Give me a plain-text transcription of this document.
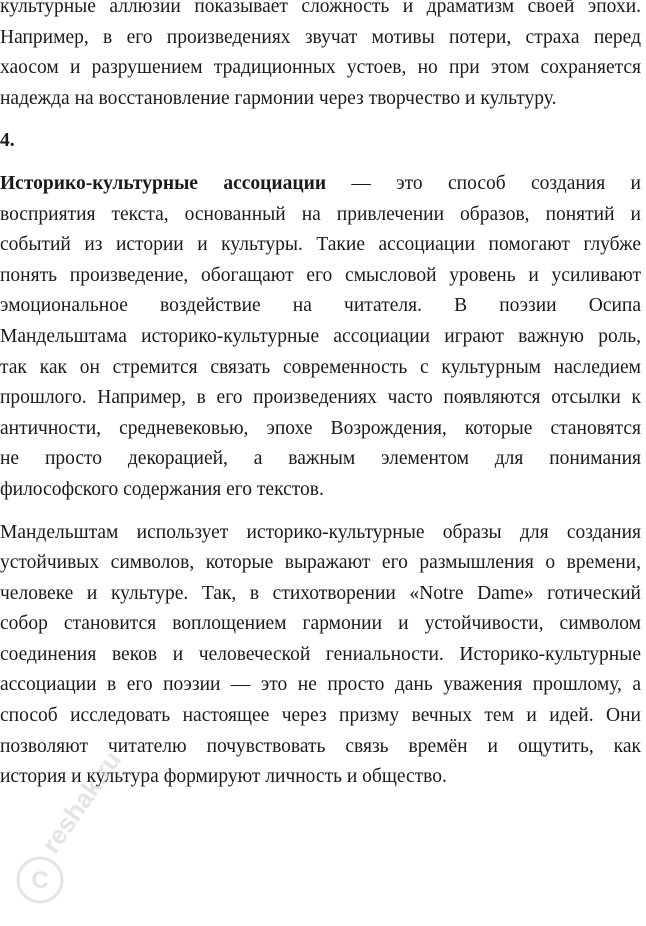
культурные аллюзии показывает сложность и драматизм своей эпохи.
Например, в его произведениях звучат мотивы потери, страха перед
хаосом и разрушением традиционных устоев, но при этом сохраняется
надежда на восстановление гармонии через творчество и культуру.
4.
Историко-культурные ассоциации — это способ создания и
восприятия текста, основанный на привлечении образов, понятий и
событий из истории и культуры. Такие ассоциации помогают глубже
понять произведение, обогащают его смысловой уровень и усиливают
эмоциональное воздействие на читателя. В поэзии Осипа
Мандельштама историко-культурные ассоциации играют важную роль,
так как он стремится связать современность с культурным наследием
прошлого. Например, в его произведениях часто появляются отсылки к
античности, средневековью, эпохе Возрождения, которые становятся
не просто декорацией, а важным элементом для понимания
философского содержания его текстов.
Мандельштам использует историко-культурные образы для создания
устойчивых символов, которые выражают его размышления о времени,
человеке и культуре. Так, в стихотворении «Notre Dame» готический
собор становится воплощением гармонии и устойчивости, символом
соединения веков и человеческой гениальности. Историко-культурные
ассоциации в его поэзии — это не просто дань уважения прошлому, а
способ исследовать настоящее через призму вечных тем и идей. Они
позволяют читателю почувствовать связь времён и ощутить, как
история и культура формируют личность и общество.
C
reshak.ru
